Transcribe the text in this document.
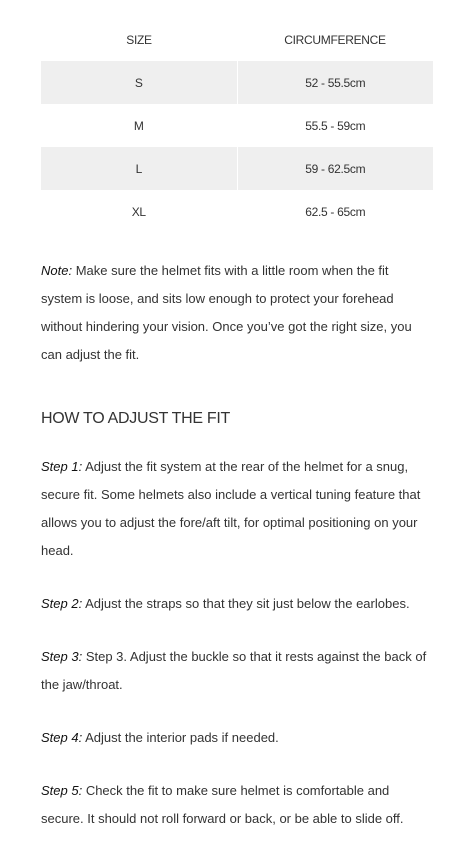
SIZE	CIRCUMFERENCE
S	52 - 55.5cm
M	55.5 - 59cm
L	59 - 62.5cm
XL	62.5 - 65cm

Note: Make sure the helmet fits with a little room when the fit system is loose, and sits low enough to protect your forehead without hindering your vision. Once you’ve got the right size, you can adjust the fit.

HOW TO ADJUST THE FIT

Step 1: Adjust the fit system at the rear of the helmet for a snug, secure fit. Some helmets also include a vertical tuning feature that allows you to adjust the fore/aft tilt, for optimal positioning on your head.

Step 2: Adjust the straps so that they sit just below the earlobes.

Step 3: Step 3. Adjust the buckle so that it rests against the back of the jaw/throat.

Step 4: Adjust the interior pads if needed.

Step 5: Check the fit to make sure helmet is comfortable and secure. It should not roll forward or back, or be able to slide off.
